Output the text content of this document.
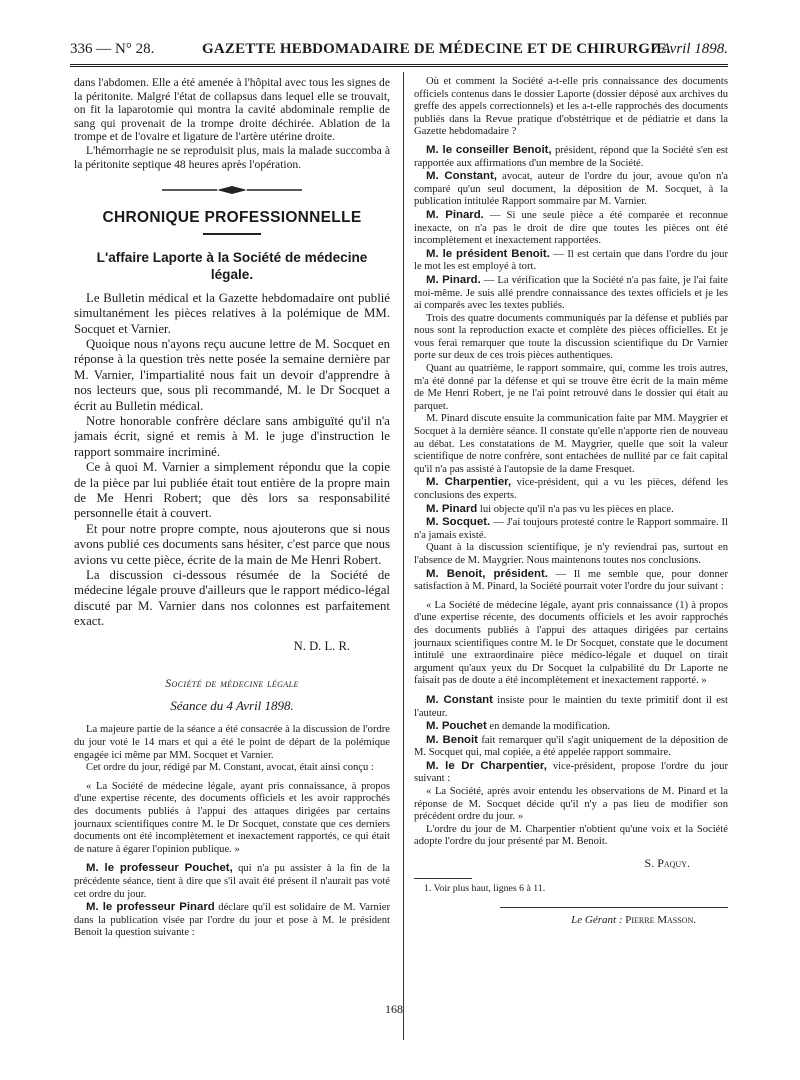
336 — N° 28.	GAZETTE HEBDOMADAIRE DE MÉDECINE ET DE CHIRURGIE.
7 Avril 1898.

dans l'abdomen. Elle a été amenée à l'hôpital avec tous les signes de la péritonite. Malgré l'état de collapsus dans lequel elle se trouvait, on fit la laparotomie qui montra la cavité abdominale remplie de sang qui provenait de la trompe droite déchirée. Ablation de la trompe et de l'ovaire et ligature de l'artère utérine droite.

L'hémorrhagie ne se reproduisit plus, mais la malade succomba à la péritonite septique 48 heures après l'opération.

CHRONIQUE PROFESSIONNELLE
L'affaire Laporte à la Société de médecine légale.

Le Bulletin médical et la Gazette hebdomadaire ont publié simultanément les pièces relatives à la polémique de MM. Socquet et Varnier.

Quoique nous n'ayons reçu aucune lettre de M. Socquet en réponse à la question très nette posée la semaine dernière par M. Varnier, l'impartialité nous fait un devoir d'apprendre à nos lecteurs que, sous pli recommandé, M. le Dr Socquet a écrit au Bulletin médical.

Notre honorable confrère déclare sans ambiguïté qu'il n'a jamais écrit, signé et remis à M. le juge d'instruction le rapport sommaire incriminé.

Ce à quoi M. Varnier a simplement répondu que la copie de la pièce par lui publiée était tout entière de la propre main de Me Henri Robert; que dès lors sa responsabilité personnelle était à couvert.

Et pour notre propre compte, nous ajouterons que si nous avons publié ces documents sans hésiter, c'est parce que nous avions vu cette pièce, écrite de la main de Me Henri Robert.

La discussion ci-dessous résumée de la Société de médecine légale prouve d'ailleurs que le rapport médico-légal discuté par M. Varnier dans nos colonnes est parfaitement exact.

N. D. L. R.
Société de médecine légale
Séance du 4 Avril 1898.

La majeure partie de la séance a été consacrée à la discussion de l'ordre du jour voté le 14 mars et qui a été le point de départ de la polémique engagée ici même par MM. Socquet et Varnier.

Cet ordre du jour, rédigé par M. Constant, avocat, était ainsi conçu :

« La Société de médecine légale, ayant pris connaissance, à propos d'une expertise récente, des documents officiels et les avoir rapprochés des documents publiés à l'appui des attaques dirigées par certains journaux scientifiques contre M. le Dr Socquet, constate que ces derniers documents ont été incomplètement et inexactement rapportés, ce qui était de nature à égarer l'opinion publique. »

M. le professeur Pouchet, qui n'a pu assister à la fin de la précédente séance, tient à dire que s'il avait été présent il n'aurait pas voté cet ordre du jour.

M. le professeur Pinard déclare qu'il est solidaire de M. Varnier dans la publication visée par l'ordre du jour et pose à M. le président Benoit la question suivante :

Où et comment la Société a-t-elle pris connaissance des documents officiels contenus dans le dossier Laporte (dossier déposé aux archives du greffe des appels correctionnels) et les a-t-elle rapprochés des documents publiés dans la Revue pratique d'obstétrique et de pédiatrie et dans la Gazette hebdomadaire ?

M. le conseiller Benoit, président, répond que la Société s'en est rapportée aux affirmations d'un membre de la Société.

M. Constant, avocat, auteur de l'ordre du jour, avoue qu'on n'a comparé qu'un seul document, la déposition de M. Socquet, à la publication intitulée Rapport sommaire par M. Varnier.

M. Pinard. — Si une seule pièce a été comparée et reconnue inexacte, on n'a pas le droit de dire que toutes les pièces ont été incomplètement et inexactement rapportées.

M. le président Benoit. — Il est certain que dans l'ordre du jour le mot les est employé à tort.

M. Pinard. — La vérification que la Société n'a pas faite, je l'ai faite moi-même. Je suis allé prendre connaissance des textes officiels et je les ai comparés avec les textes publiés.

Trois des quatre documents communiqués par la défense et publiés par nous sont la reproduction exacte et complète des pièces officielles. Et je vous ferai remarquer que toute la discussion scientifique du Dr Varnier porte sur deux de ces trois pièces authentiques.

Quant au quatrième, le rapport sommaire, qui, comme les trois autres, m'a été donné par la défense et qui se trouve être écrit de la main même de Me Henri Robert, je ne l'ai point retrouvé dans le dossier qui était au parquet.

M. Pinard discute ensuite la communication faite par MM. Maygrier et Socquet à la dernière séance. Il constate qu'elle n'apporte rien de nouveau au débat. Les constatations de M. Maygrier, quelle que soit la valeur scientifique de notre confrère, sont entachées de nullité par ce fait capital qu'il n'a pas assisté à l'autopsie de la dame Fresquet.

M. Charpentier, vice-président, qui a vu les pièces, défend les conclusions des experts.

M. Pinard lui objecte qu'il n'a pas vu les pièces en place.

M. Socquet. — J'ai toujours protesté contre le Rapport sommaire. Il n'a jamais existé.

Quant à la discussion scientifique, je n'y reviendrai pas, surtout en l'absence de M. Maygrier. Nous maintenons toutes nos conclusions.

M. Benoit, président. — Il me semble que, pour donner satisfaction à M. Pinard, la Société pourrait voter l'ordre du jour suivant :

« La Société de médecine légale, ayant pris connaissance (1) à propos d'une expertise récente, des documents officiels et les avoir rapprochés des documents publiés à l'appui des attaques dirigées par certains journaux scientifiques contre M. le Dr Socquet, constate que le document intitulé une extraordinaire pièce médico-légale et duquel on tirait argument qu'aux yeux du Dr Socquet la culpabilité du Dr Laporte ne faisait pas de doute a été incomplètement et inexactement rapporté. »

M. Constant insiste pour le maintien du texte primitif dont il est l'auteur.

M. Pouchet en demande la modification.

M. Benoit fait remarquer qu'il s'agit uniquement de la déposition de M. Socquet qui, mal copiée, a été appelée rapport sommaire.

M. le Dr Charpentier, vice-président, propose l'ordre du jour suivant :

« La Société, après avoir entendu les observations de M. Pinard et la réponse de M. Socquet décide qu'il n'y a pas lieu de modifier son précédent ordre du jour. »

L'ordre du jour de M. Charpentier n'obtient qu'une voix et la Société adopte l'ordre du jour présenté par M. Benoit.

S. Paquy.

1. Voir plus haut, lignes 6 à 11.

Le Gérant : Pierre Masson.
168
